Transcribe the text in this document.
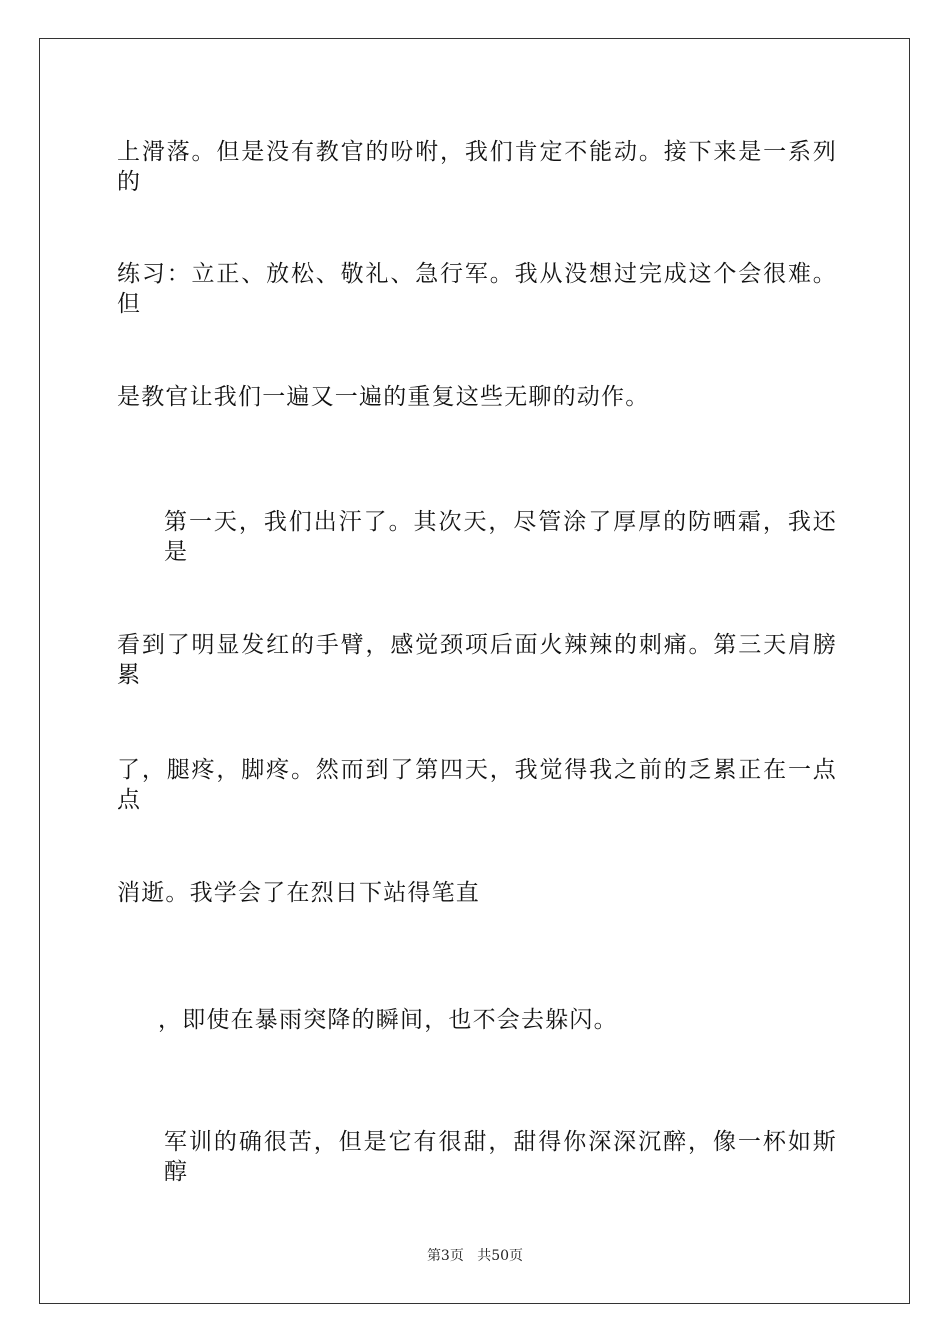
上滑落。但是没有教官的吩咐，我们肯定不能动。接下来是一系列的
练习：立正、放松、敬礼、急行军。我从没想过完成这个会很难。但
是教官让我们一遍又一遍的重复这些无聊的动作。
第一天，我们出汗了。其次天，尽管涂了厚厚的防晒霜，我还是
看到了明显发红的手臂，感觉颈项后面火辣辣的刺痛。第三天肩膀累
了，腿疼，脚疼。然而到了第四天，我觉得我之前的乏累正在一点点
消逝。我学会了在烈日下站得笔直
，即使在暴雨突降的瞬间，也不会去躲闪。
军训的确很苦，但是它有很甜，甜得你深深沉醉，像一杯如斯醇
第3页 共50页
